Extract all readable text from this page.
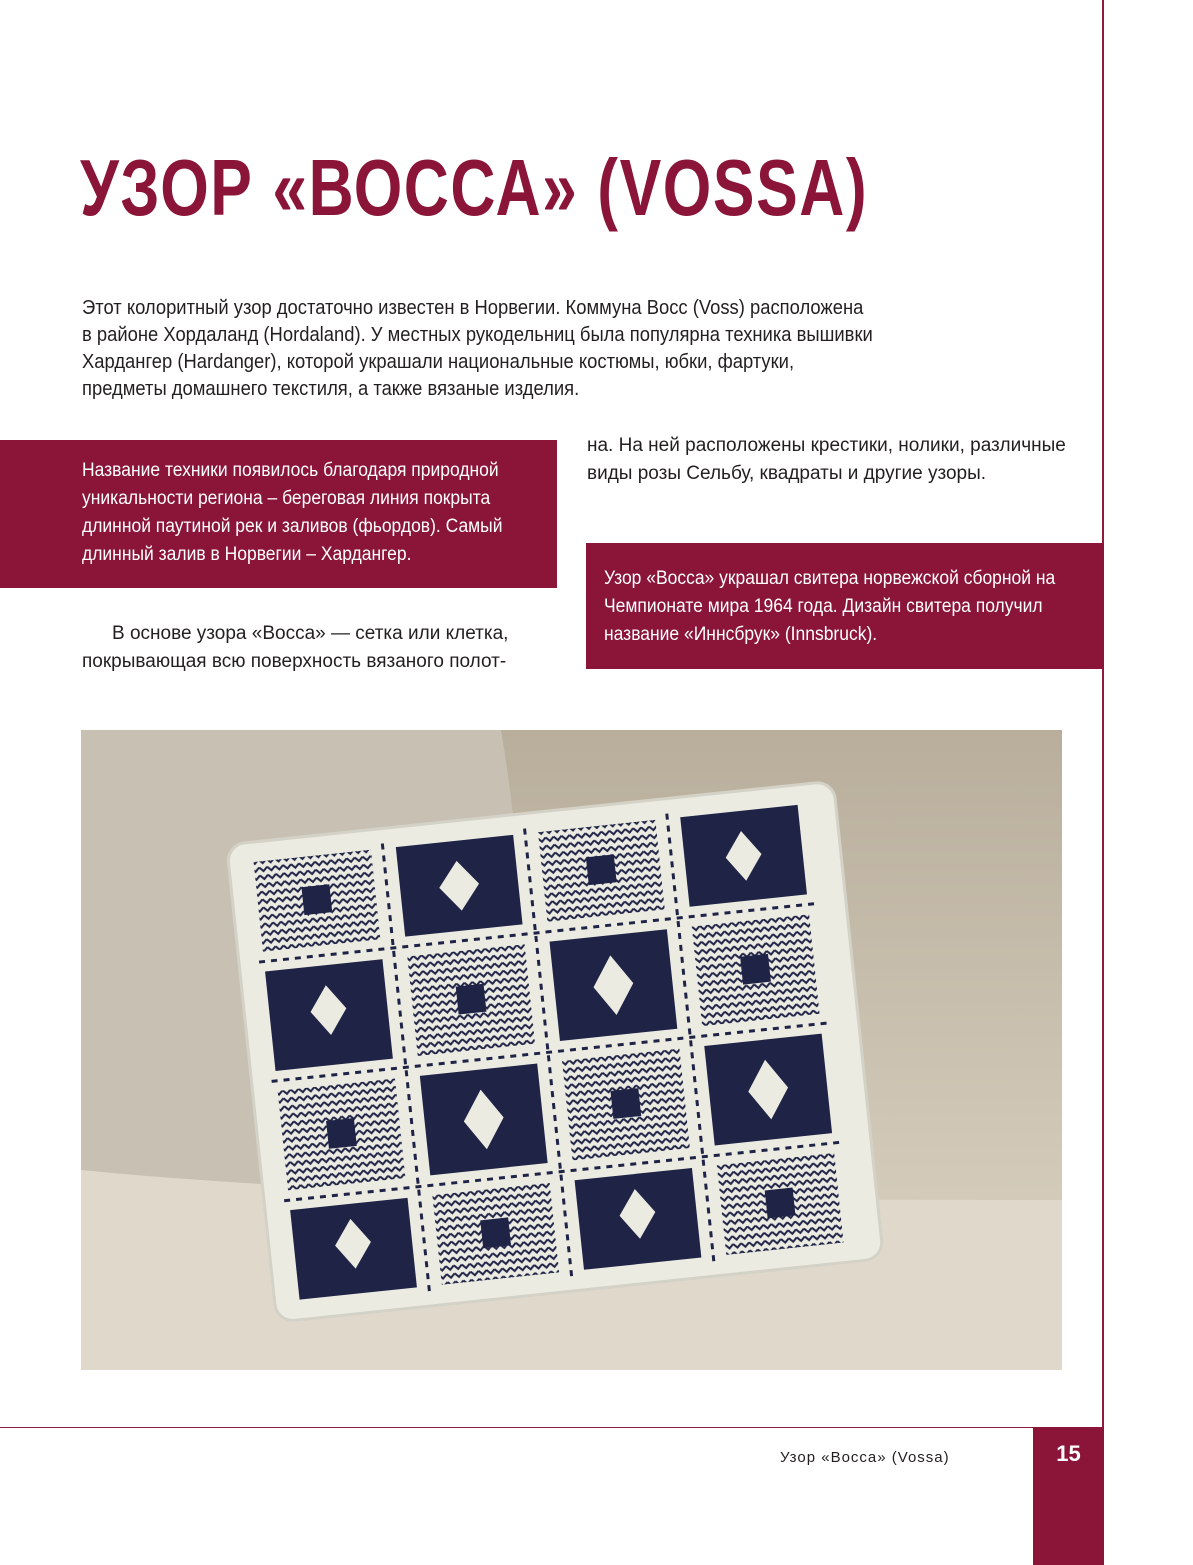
УЗОР «ВОССА» (VOSSA)

Этот колоритный узор достаточно известен в Норвегии. Коммуна Восс (Voss) расположена в районе Хордаланд (Hordaland). У местных рукодельниц была популярна техника вышивки Хардангер (Hardanger), которой украшали национальные костюмы, юбки, фартуки, предметы домашнего текстиля, а также вязаные изделия.

Название техники появилось благодаря природной уникальности региона – береговая линия покрыта длинной паутиной рек и заливов (фьордов). Самый длинный залив в Норвегии – Хардангер.

В основе узора «Восса» — сетка или клетка,
покрывающая всю поверхность вязаного полот-

на. На ней расположены крестики, нолики, различные виды розы Сельбу, квадраты и другие узоры.

Узор «Восса» украшал свитера норвежской сборной на Чемпионате мира 1964 года. Дизайн свитера получил название «Иннсбрук» (Innsbruck).

Узор «Восса» (Vossa)	15
